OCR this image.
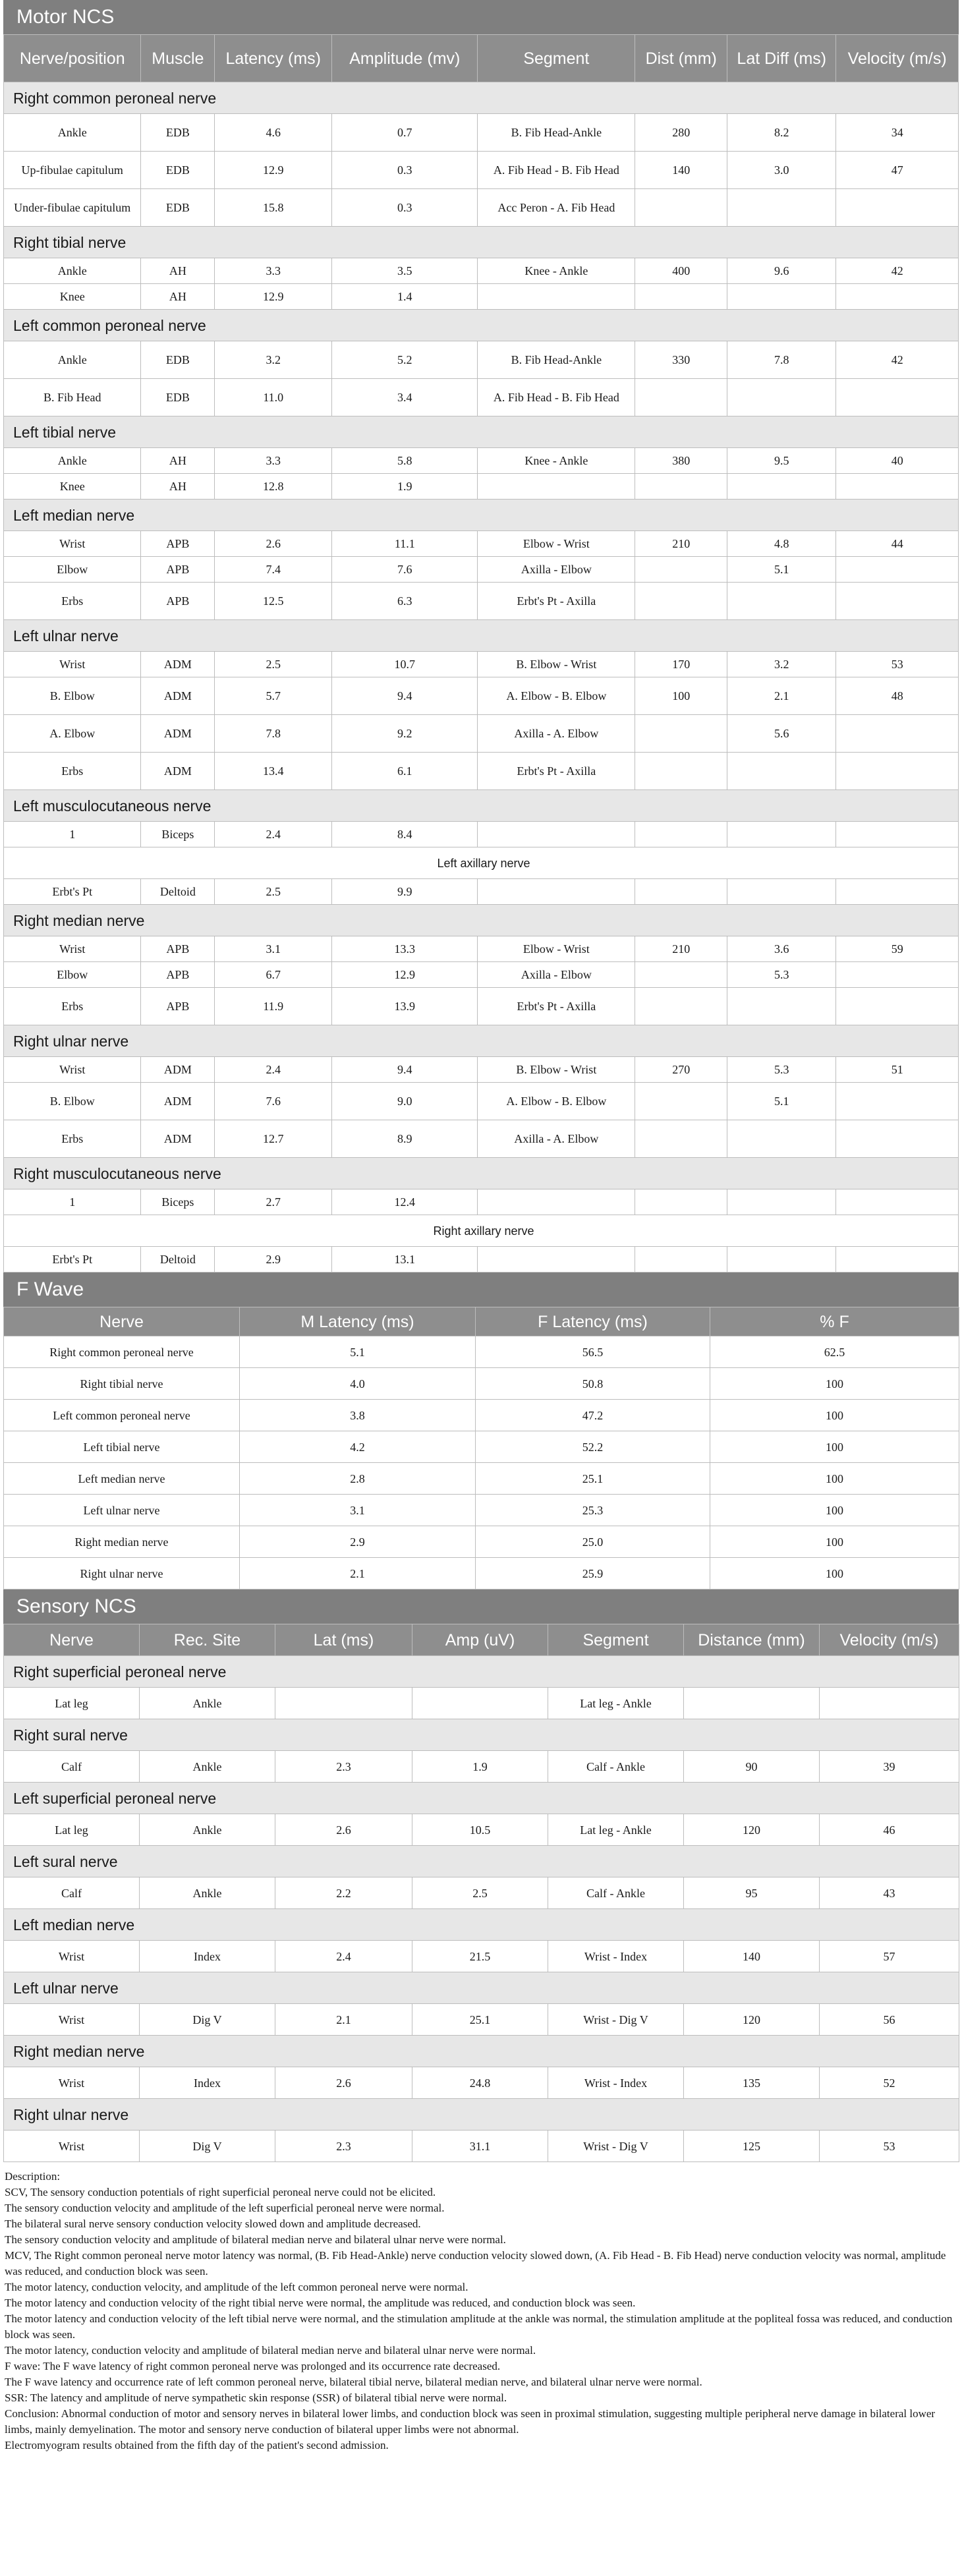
Motor NCS
Nerve/position	Muscle	Latency (ms)	Amplitude (mv)	Segment	Dist (mm)	Lat Diff (ms)	Velocity (m/s)
Right common peroneal nerve							
Ankle	EDB	4.6	0.7	B. Fib Head-Ankle	280	8.2	34
Up-fibulae capitulum	EDB	12.9	0.3	A. Fib Head - B. Fib Head	140	3.0	47
Under-fibulae capitulum	EDB	15.8	0.3	Acc Peron - A. Fib Head			
Right tibial nerve							
Ankle	AH	3.3	3.5	Knee - Ankle	400	9.6	42
Knee	AH	12.9	1.4				
Left common peroneal nerve							
Ankle	EDB	3.2	5.2	B. Fib Head-Ankle	330	7.8	42
B. Fib Head	EDB	11.0	3.4	A. Fib Head - B. Fib Head			
Left tibial nerve							
Ankle	AH	3.3	5.8	Knee - Ankle	380	9.5	40
Knee	AH	12.8	1.9				
Left median nerve							
Wrist	APB	2.6	11.1	Elbow - Wrist	210	4.8	44
Elbow	APB	7.4	7.6	Axilla - Elbow		5.1	
Erbs	APB	12.5	6.3	Erbt's Pt - Axilla			
Left ulnar nerve							
Wrist	ADM	2.5	10.7	B. Elbow - Wrist	170	3.2	53
B. Elbow	ADM	5.7	9.4	A. Elbow - B. Elbow	100	2.1	48
A. Elbow	ADM	7.8	9.2	Axilla - A. Elbow		5.6	
Erbs	ADM	13.4	6.1	Erbt's Pt - Axilla			
Left musculocutaneous nerve							
1	Biceps	2.4	8.4				
Left axillary nerve							
Erbt's Pt	Deltoid	2.5	9.9				
Right median nerve							
Wrist	APB	3.1	13.3	Elbow - Wrist	210	3.6	59
Elbow	APB	6.7	12.9	Axilla - Elbow		5.3	
Erbs	APB	11.9	13.9	Erbt's Pt - Axilla			
Right ulnar nerve							
Wrist	ADM	2.4	9.4	B. Elbow - Wrist	270	5.3	51
B. Elbow	ADM	7.6	9.0	A. Elbow - B. Elbow		5.1	
Erbs	ADM	12.7	8.9	Axilla - A. Elbow			
Right musculocutaneous nerve							
1	Biceps	2.7	12.4				
Right axillary nerve							
Erbt's Pt	Deltoid	2.9	13.1				
F Wave
Nerve	M Latency (ms)	F Latency (ms)	% F
Right common peroneal nerve	5.1	56.5	62.5
Right tibial nerve	4.0	50.8	100
Left common peroneal nerve	3.8	47.2	100
Left tibial nerve	4.2	52.2	100
Left median nerve	2.8	25.1	100
Left ulnar nerve	3.1	25.3	100
Right median nerve	2.9	25.0	100
Right ulnar nerve	2.1	25.9	100
Sensory NCS
Nerve	Rec. Site	Lat (ms)	Amp (uV)	Segment	Distance (mm)	Velocity (m/s)
Right superficial peroneal nerve						
Lat leg	Ankle			Lat leg - Ankle		
Right sural nerve						
Calf	Ankle	2.3	1.9	Calf - Ankle	90	39
Left superficial peroneal nerve						
Lat leg	Ankle	2.6	10.5	Lat leg - Ankle	120	46
Left sural nerve						
Calf	Ankle	2.2	2.5	Calf - Ankle	95	43
Left median nerve						
Wrist	Index	2.4	21.5	Wrist - Index	140	57
Left ulnar nerve						
Wrist	Dig V	2.1	25.1	Wrist - Dig V	120	56
Right median nerve						
Wrist	Index	2.6	24.8	Wrist - Index	135	52
Right ulnar nerve						
Wrist	Dig V	2.3	31.1	Wrist - Dig V	125	53
Description:
SCV, The sensory conduction potentials of right superficial peroneal nerve could not be elicited.
The sensory conduction velocity and amplitude of the left superficial peroneal nerve were normal.
The bilateral sural nerve sensory conduction velocity slowed down and amplitude decreased.
The sensory conduction velocity and amplitude of bilateral median nerve and bilateral ulnar nerve were normal.
MCV, The Right common peroneal nerve motor latency was normal, (B. Fib Head-Ankle) nerve conduction velocity slowed down, (A. Fib Head - B. Fib Head) nerve conduction velocity was normal, amplitude was reduced, and conduction block was seen.
The motor latency, conduction velocity, and amplitude of the left common peroneal nerve were normal.
The motor latency and conduction velocity of the right tibial nerve were normal, the amplitude was reduced, and conduction block was seen.
The motor latency and conduction velocity of the left tibial nerve were normal, and the stimulation amplitude at the ankle was normal, the stimulation amplitude at the popliteal fossa was reduced, and conduction block was seen.
The motor latency, conduction velocity and amplitude of bilateral median nerve and bilateral ulnar nerve were normal.
F wave: The F wave latency of right common peroneal nerve was prolonged and its occurrence rate decreased.
The F wave latency and occurrence rate of left common peroneal nerve, bilateral tibial nerve, bilateral median nerve, and bilateral ulnar nerve were normal.
SSR: The latency and amplitude of nerve sympathetic skin response (SSR) of bilateral tibial nerve were normal.
Conclusion: Abnormal conduction of motor and sensory nerves in bilateral lower limbs, and conduction block was seen in proximal stimulation, suggesting multiple peripheral nerve damage in bilateral lower limbs, mainly demyelination. The motor and sensory nerve conduction of bilateral upper limbs were not abnormal.
Electromyogram results obtained from the fifth day of the patient's second admission.
